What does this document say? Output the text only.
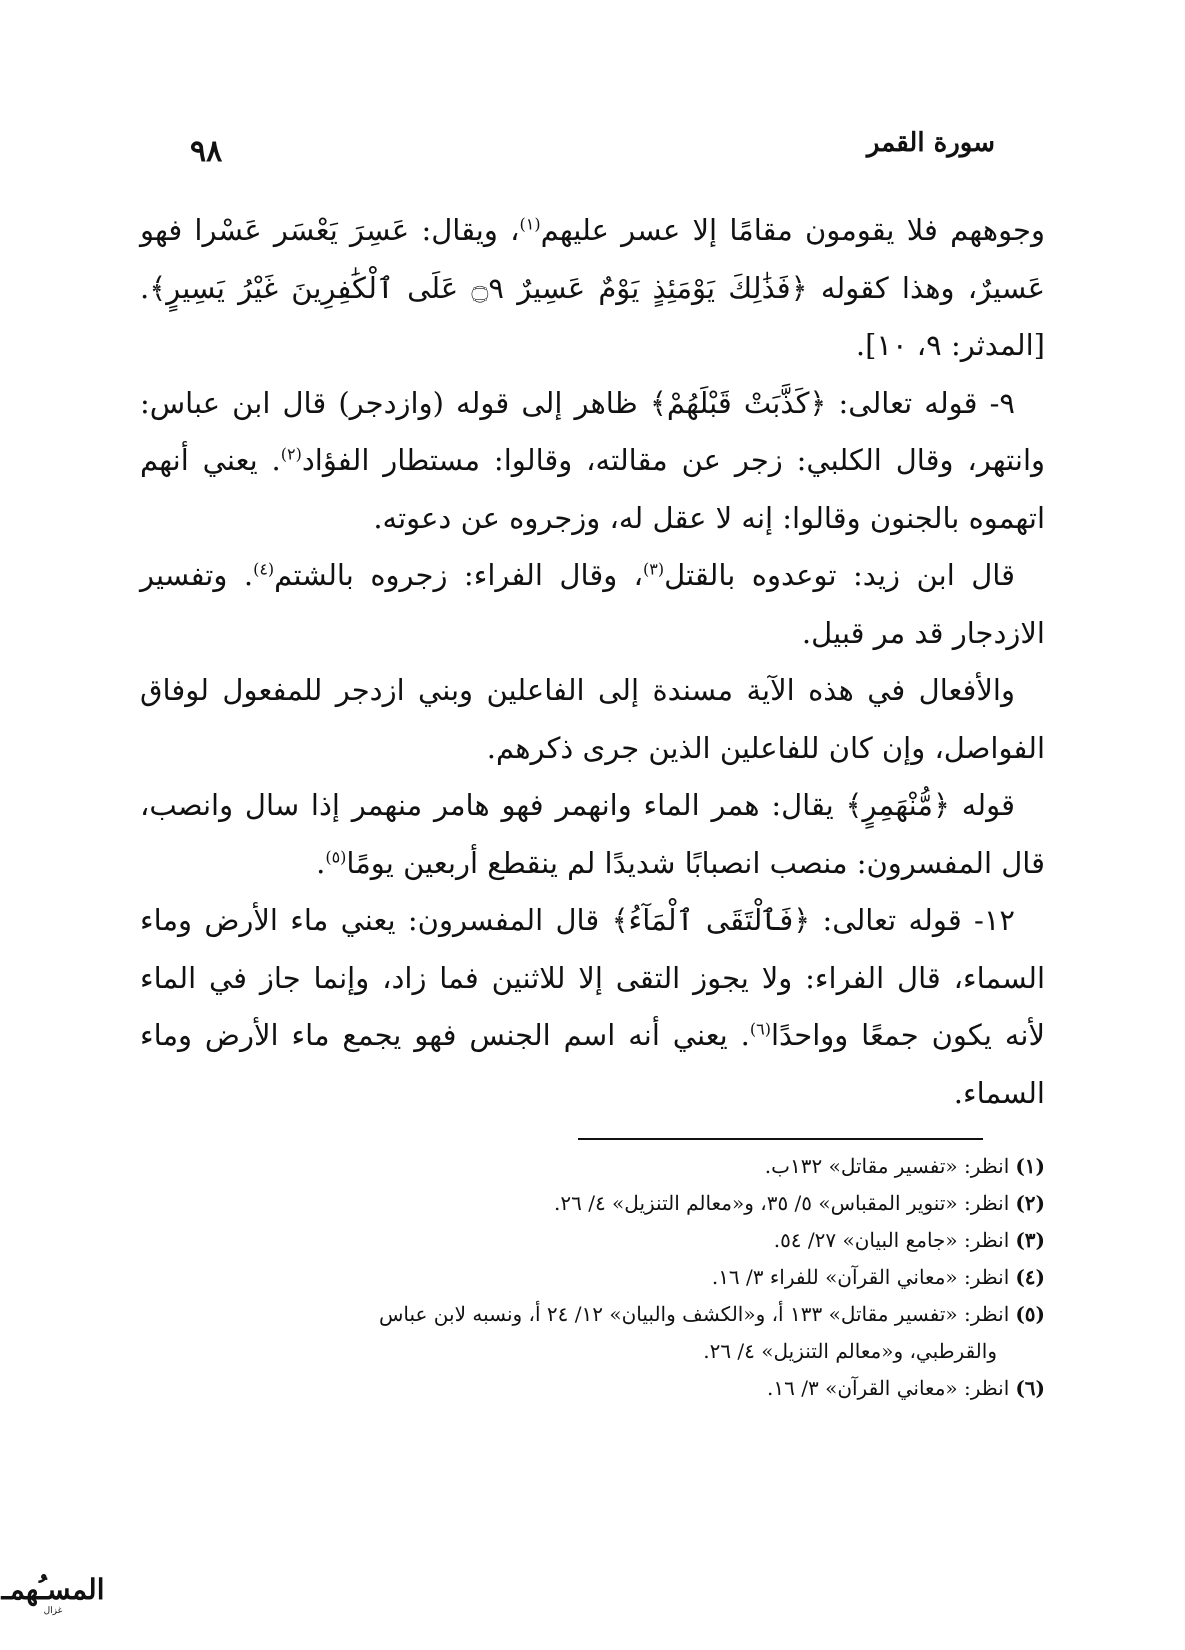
سورة القمر
٩٨

وجوههم فلا يقومون مقامًا إلا عسر عليهم$^{(١)}$، ويقال: عَسِرَ يَعْسَر عَسْرا فهو عَسيرٌ، وهذا كقوله ﴿فَذَٰلِكَ يَوْمَئِذٍ يَوْمٌ عَسِيرٌ ۝٩ عَلَى ٱلْكَٰفِرِينَ غَيْرُ يَسِيرٍ﴾. [المدثر: ٩، ١٠].

٩- قوله تعالى: ﴿كَذَّبَتْ قَبْلَهُمْ﴾ ظاهر إلى قوله (وازدجر) قال ابن عباس: وانتهر، وقال الكلبي: زجر عن مقالته، وقالوا: مستطار الفؤاد$^{(٢)}$. يعني أنهم اتهموه بالجنون وقالوا: إنه لا عقل له، وزجروه عن دعوته.

قال ابن زيد: توعدوه بالقتل$^{(٣)}$، وقال الفراء: زجروه بالشتم$^{(٤)}$. وتفسير الازدجار قد مر قبيل.

والأفعال في هذه الآية مسندة إلى الفاعلين وبني ازدجر للمفعول لوفاق الفواصل، وإن كان للفاعلين الذين جرى ذكرهم.

قوله ﴿مُّنْهَمِرٍ﴾ يقال: همر الماء وانهمر فهو هامر منهمر إذا سال وانصب، قال المفسرون: منصب انصبابًا شديدًا لم ينقطع أربعين يومًا$^{(٥)}$.

١٢- قوله تعالى: ﴿فَٱلْتَقَى ٱلْمَآءُ﴾ قال المفسرون: يعني ماء الأرض وماء السماء، قال الفراء: ولا يجوز التقى إلا للاثنين فما زاد، وإنما جاز في الماء لأنه يكون جمعًا وواحدًا$^{(٦)}$. يعني أنه اسم الجنس فهو يجمع ماء الأرض وماء السماء.

(١)انظر: «تفسير مقاتل» ١٣٢ب.

(٢)انظر: «تنوير المقباس» ٥/ ٣٥، و«معالم التنزيل» ٤/ ٢٦.

(٣)انظر: «جامع البيان» ٢٧/ ٥٤.

(٤)انظر: «معاني القرآن» للفراء ٣/ ١٦.

(٥)انظر: «تفسير مقاتل» ١٣٣ أ، و«الكشف والبيان» ١٢/ ٢٤ أ، ونسبه لابن عباس
والقرطبي، و«معالم التنزيل» ٤/ ٢٦.

(٦)انظر: «معاني القرآن» ٣/ ١٦.

المسـُهمـ
غزال
